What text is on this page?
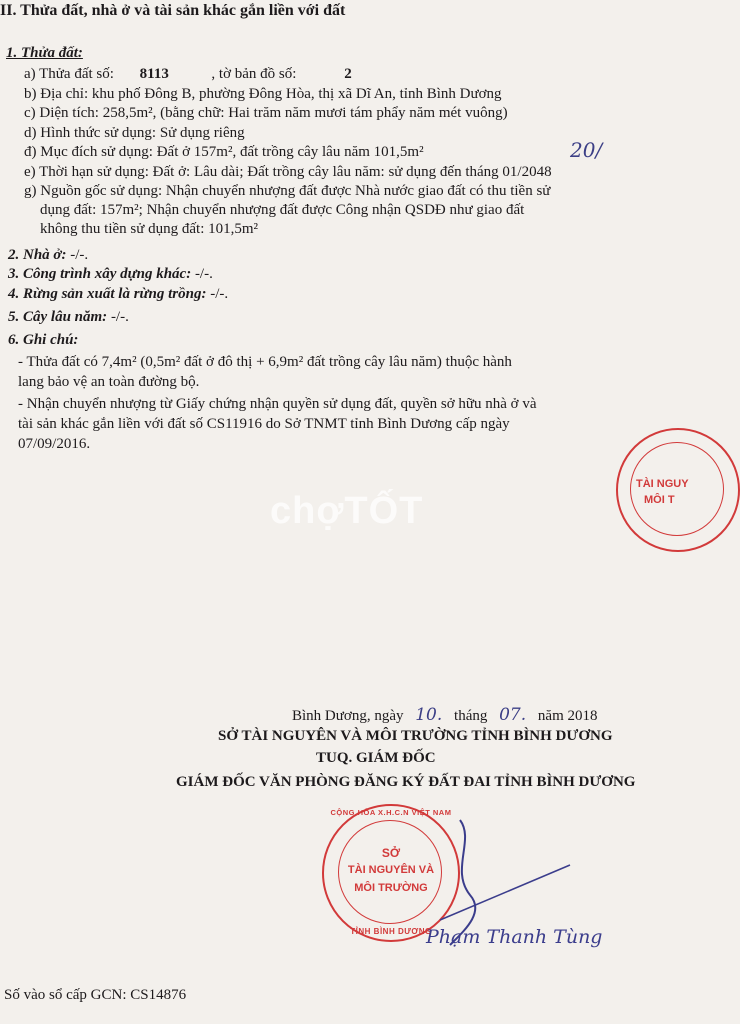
II. Thửa đất, nhà ở và tài sản khác gắn liền với đất
1. Thửa đất:
a) Thửa đất số: 8113	, tờ bản đồ số:	2
b) Địa chỉ: khu phố Đông B, phường Đông Hòa, thị xã Dĩ An, tỉnh Bình Dương
c) Diện tích: 258,5m², (bằng chữ: Hai trăm năm mươi tám phẩy năm mét vuông)
d) Hình thức sử dụng: Sử dụng riêng
đ) Mục đích sử dụng: Đất ở 157m², đất trồng cây lâu năm 101,5m²	20/
e) Thời hạn sử dụng: Đất ở: Lâu dài; Đất trồng cây lâu năm: sử dụng đến tháng 01/2048
g) Nguồn gốc sử dụng: Nhận chuyển nhượng đất được Nhà nước giao đất có thu tiền sử
dụng đất: 157m²; Nhận chuyển nhượng đất được Công nhận QSDĐ như giao đất
không thu tiền sử dụng đất: 101,5m²
2. Nhà ở: -/-.
3. Công trình xây dựng khác: -/-.
4. Rừng sản xuất là rừng trồng: -/-.
5. Cây lâu năm: -/-.
6. Ghi chú:
- Thửa đất có 7,4m² (0,5m² đất ở đô thị + 6,9m² đất trồng cây lâu năm) thuộc hành
lang bảo vệ an toàn đường bộ.
- Nhận chuyển nhượng từ Giấy chứng nhận quyền sử dụng đất, quyền sở hữu nhà ở và
tài sản khác gắn liền với đất số CS11916 do Sở TNMT tỉnh Bình Dương cấp ngày
07/09/2016.
TÀI NGUY
MÔI T
chợTỐT
Bình Dương, ngày 10. tháng 07. năm 2018
SỞ TÀI NGUYÊN VÀ MÔI TRƯỜNG TỈNH BÌNH DƯƠNG
TUQ. GIÁM ĐỐC
GIÁM ĐỐC VĂN PHÒNG ĐĂNG KÝ ĐẤT ĐAI TỈNH BÌNH DƯƠNG
CỘNG HÒA X.H.C.N VIỆT NAM
SỞ
TÀI NGUYÊN VÀ
MÔI TRƯỜNG
TỈNH BÌNH DƯƠNG
Phạm Thanh Tùng
Số vào sổ cấp GCN: CS14876
